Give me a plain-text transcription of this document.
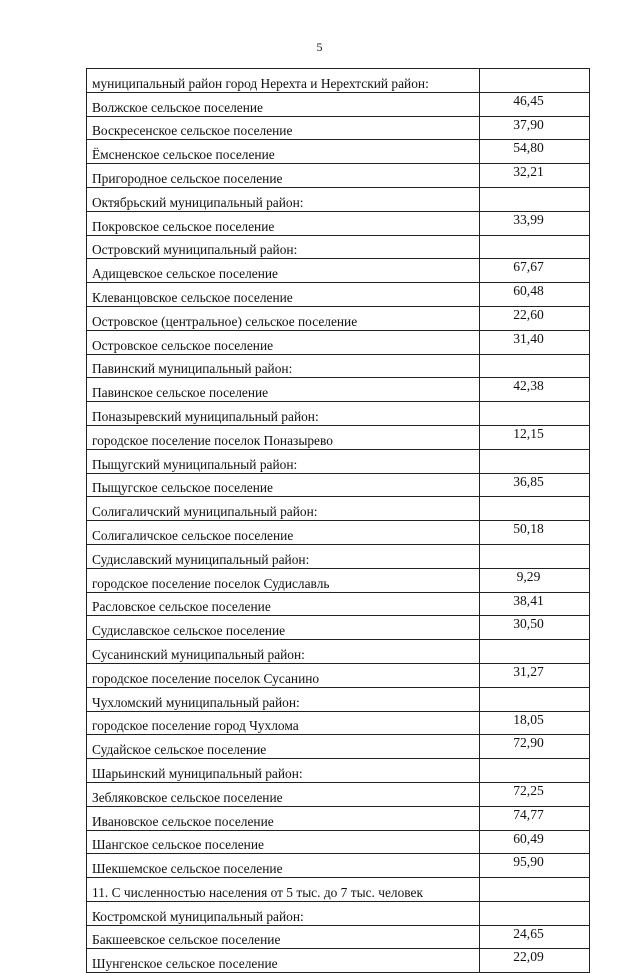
5
муниципальный район город Нерехта и Нерехтский район:	
Волжское сельское поселение	46,45
Воскресенское сельское поселение	37,90
Ёмсненское сельское поселение	54,80
Пригородное сельское поселение	32,21
Октябрьский муниципальный район:	
Покровское сельское поселение	33,99
Островский муниципальный район:	
Адищевское сельское поселение	67,67
Клеванцовское сельское поселение	60,48
Островское (центральное) сельское поселение	22,60
Островское сельское поселение	31,40
Павинский муниципальный район:	
Павинское сельское поселение	42,38
Поназыревский муниципальный район:	
городское поселение поселок Поназырево	12,15
Пыщугский муниципальный район:	
Пыщугское сельское поселение	36,85
Солигаличский муниципальный район:	
Солигаличское сельское поселение	50,18
Судиславский муниципальный район:	
городское поселение поселок Судиславль	9,29
Расловское сельское поселение	38,41
Судиславское сельское поселение	30,50
Сусанинский муниципальный район:	
городское поселение поселок Сусанино	31,27
Чухломский муниципальный район:	
городское поселение город Чухлома	18,05
Судайское сельское поселение	72,90
Шарьинский муниципальный район:	
Зебляковское сельское поселение	72,25
Ивановское сельское поселение	74,77
Шангское сельское поселение	60,49
Шекшемское сельское поселение	95,90
11. С численностью населения от 5 тыс. до 7 тыс. человек	
Костромской муниципальный район:	
Бакшеевское сельское поселение	24,65
Шунгенское сельское поселение	22,09
